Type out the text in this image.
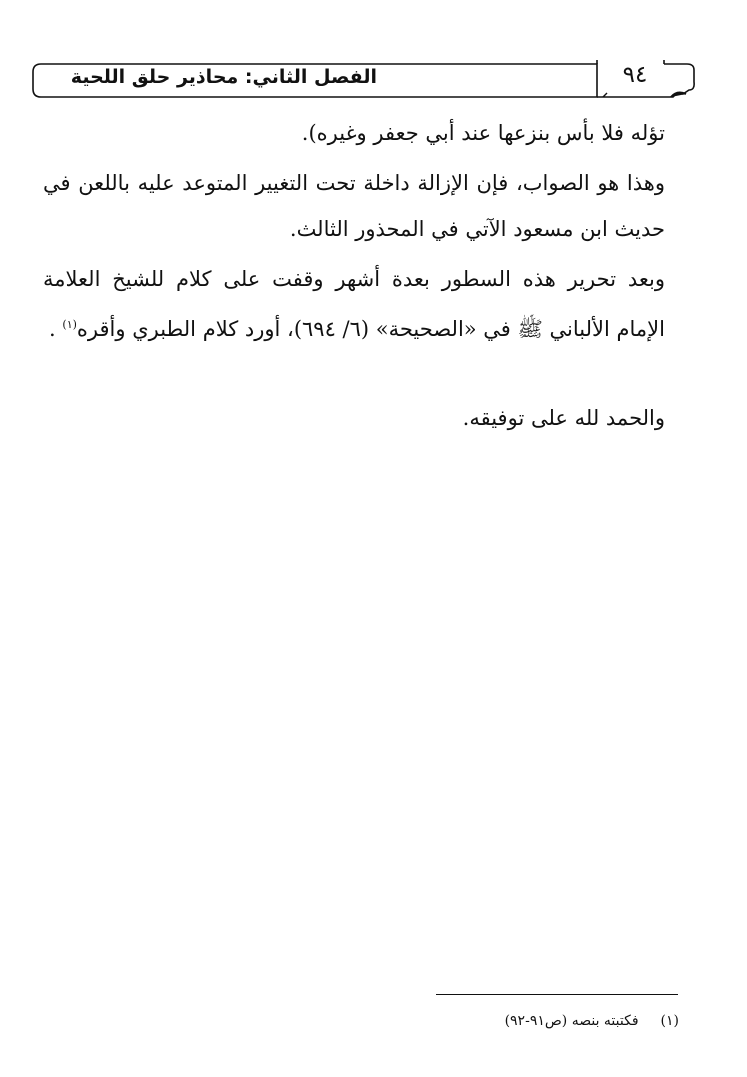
الفصل الثاني: محاذير حلق اللحية	٩٤

تؤله فلا بأس بنزعها عند أبي جعفر وغيره).

وهذا هو الصواب، فإن الإزالة داخلة تحت التغيير المتوعد عليه باللعن في حديث ابن مسعود الآتي في المحذور الثالث.

وبعد تحرير هذه السطور بعدة أشهر وقفت على كلام للشيخ العلامة الإمام الألباني ﷺ في «الصحيحة» (٦/ ٦٩٤)، أورد كلام الطبري وأقره$^{(١)}$ .

والحمد لله على توفيقه.

(١)فكتبته بنصه (ص٩١-٩٢)
